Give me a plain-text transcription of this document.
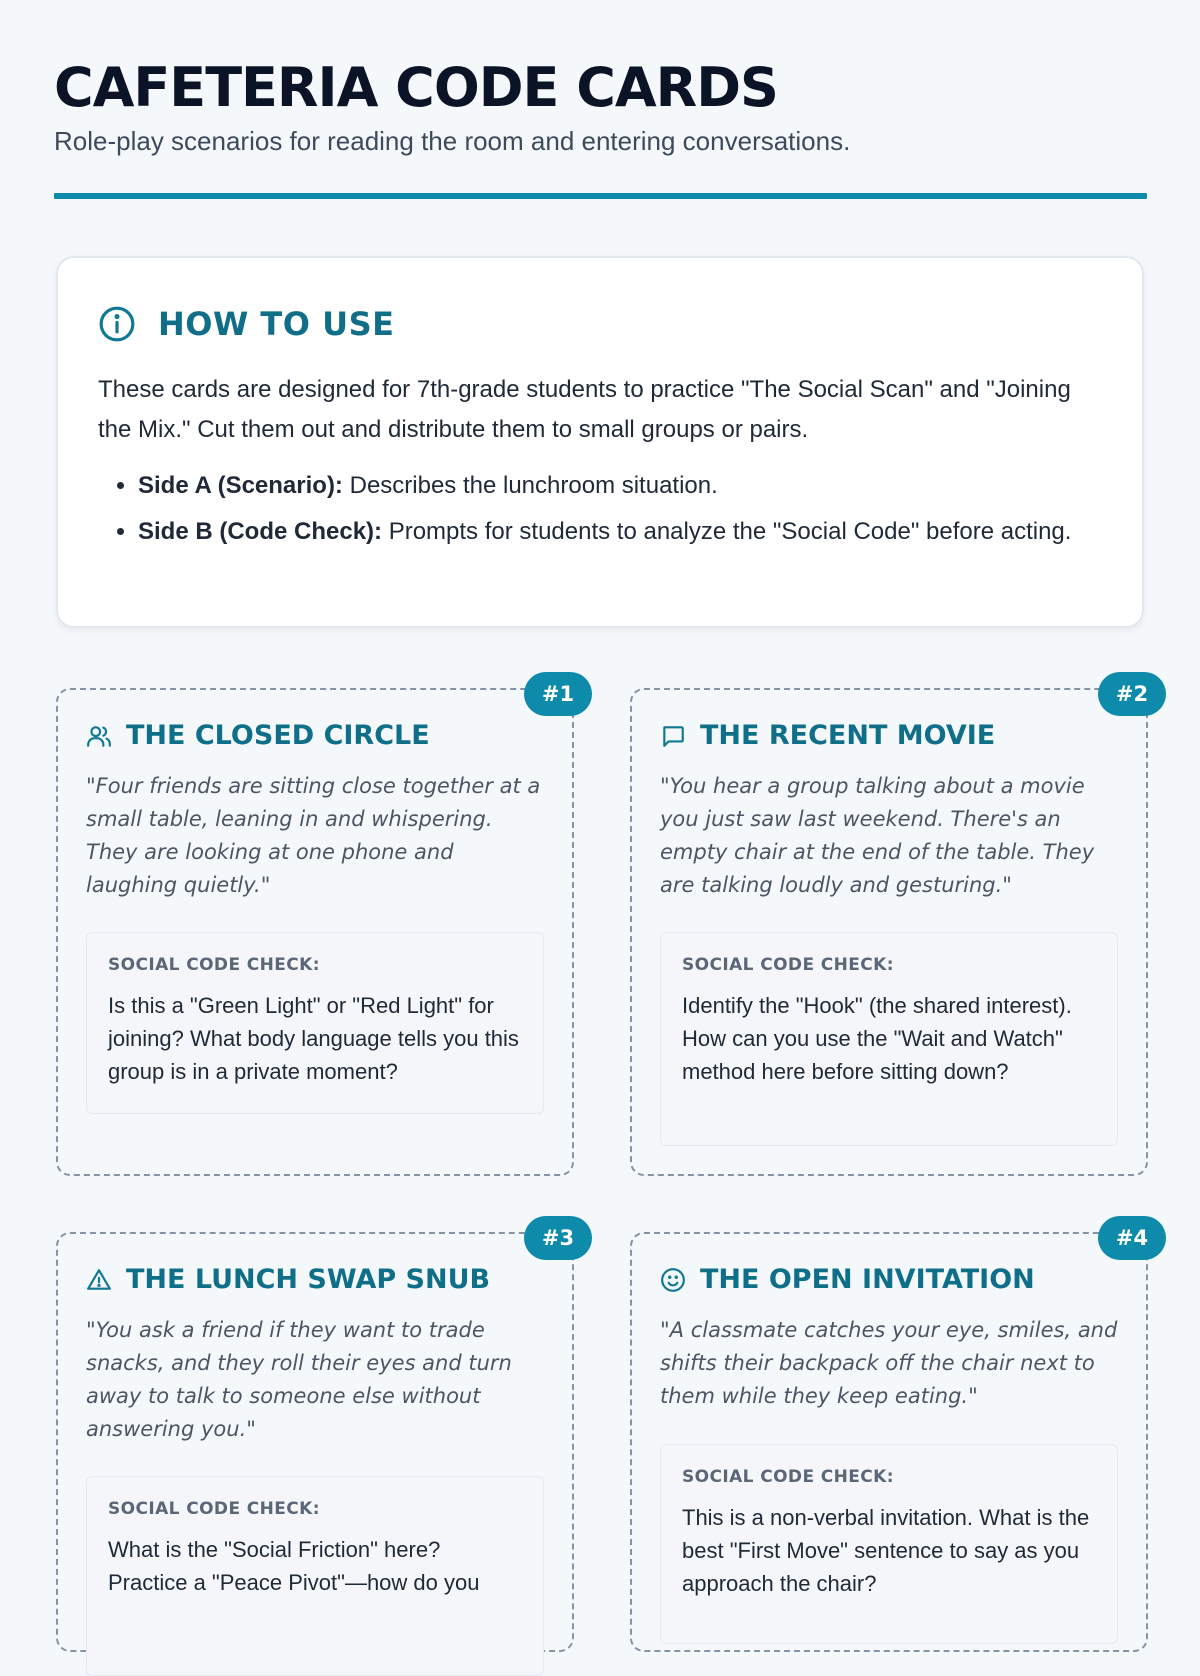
CAFETERIA CODE CARDS

Role-play scenarios for reading the room and entering conversations.

HOW TO USE

These cards are designed for 7th-grade students to practice "The Social Scan" and "Joining the Mix." Cut them out and distribute them to small groups or pairs.

• Side A (Scenario): Describes the lunchroom situation.
• Side B (Code Check): Prompts for students to analyze the "Social Code" before acting.
#1
THE CLOSED CIRCLE

"Four friends are sitting close together at a small table, leaning in and whispering. They are looking at one phone and laughing quietly."

SOCIAL CODE CHECK:

Is this a "Green Light" or "Red Light" for joining? What body language tells you this group is in a private moment?

#2
THE RECENT MOVIE

"You hear a group talking about a movie you just saw last weekend. There's an empty chair at the end of the table. They are talking loudly and gesturing."

SOCIAL CODE CHECK:

Identify the "Hook" (the shared interest). How can you use the "Wait and Watch" method here before sitting down?

#3
THE LUNCH SWAP SNUB

"You ask a friend if they want to trade snacks, and they roll their eyes and turn away to talk to someone else without answering you."

SOCIAL CODE CHECK:

What is the "Social Friction" here? Practice a "Peace Pivot"—how do you

#4
THE OPEN INVITATION

"A classmate catches your eye, smiles, and shifts their backpack off the chair next to them while they keep eating."

SOCIAL CODE CHECK:

This is a non-verbal invitation. What is the best "First Move" sentence to say as you approach the chair?
